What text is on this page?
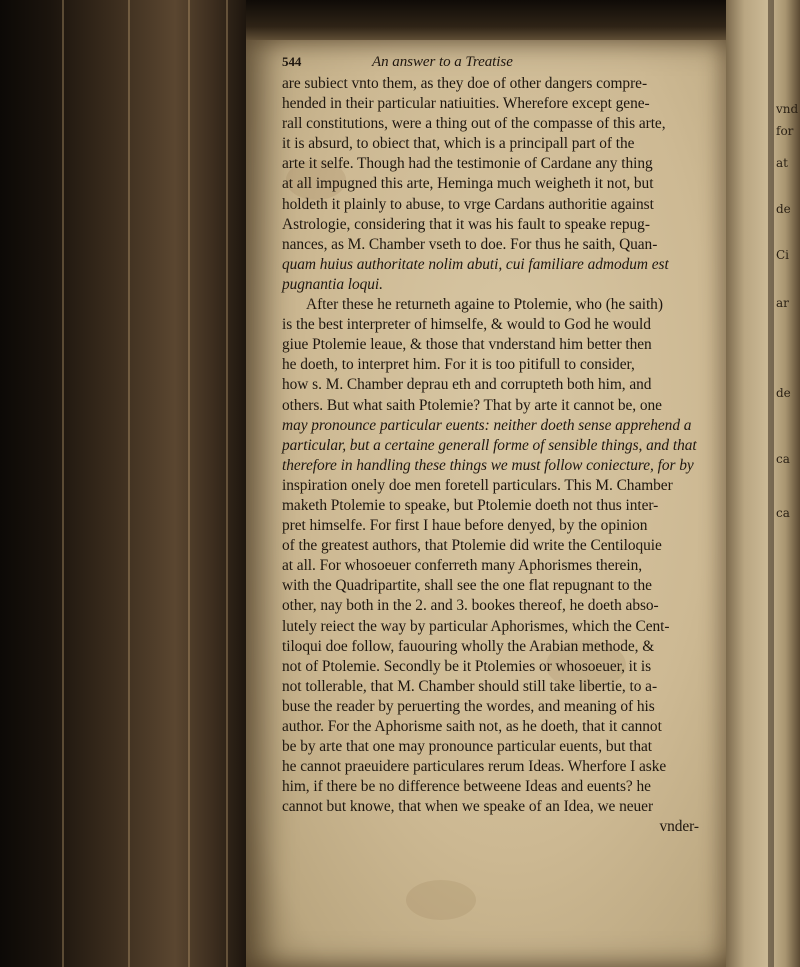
vnd
for
at
de
Ci
ar
de
ca
ca
544	An answer to a Treatise
are subiect vnto them, as they doe of other dangers compre-
hended in their particular natiuities. Wherefore except gene-
rall constitutions, were a thing out of the compasse of this arte,
it is absurd, to obiect that, which is a principall part of the
arte it selfe. Though had the testimonie of Cardane any thing
at all impugned this arte, Heminga much weigheth it not, but
holdeth it plainly to abuse, to vrge Cardans authoritie against
Astrologie, considering that it was his fault to speake repug-
nances, as M. Chamber vseth to doe. For thus he saith, Quan-
quam huius authoritate nolim abuti, cui familiare admodum est
pugnantia loqui.
After these he returneth againe to Ptolemie, who (he saith)
is the best interpreter of himselfe, & would to God he would
giue Ptolemie leaue, & those that vnderstand him better then
he doeth, to interpret him. For it is too pitifull to consider,
how s. M. Chamber deprau eth and corrupteth both him, and
others. But what saith Ptolemie? That by arte it cannot be, one
may pronounce particular euents: neither doeth sense apprehend a
particular, but a certaine generall forme of sensible things, and that
therefore in handling these things we must follow coniecture, for by
inspiration onely doe men foretell particulars. This M. Chamber
maketh Ptolemie to speake, but Ptolemie doeth not thus inter-
pret himselfe. For first I haue before denyed, by the opinion
of the greatest authors, that Ptolemie did write the Centiloquie
at all. For whosoeuer conferreth many Aphorismes therein,
with the Quadripartite, shall see the one flat repugnant to the
other, nay both in the 2. and 3. bookes thereof, he doeth abso-
lutely reiect the way by particular Aphorismes, which the Cent-
tiloqui doe follow, fauouring wholly the Arabian methode, &
not of Ptolemie. Secondly be it Ptolemies or whosoeuer, it is
not tollerable, that M. Chamber should still take libertie, to a-
buse the reader by peruerting the wordes, and meaning of his
author. For the Aphorisme saith not, as he doeth, that it cannot
be by arte that one may pronounce particular euents, but that
he cannot praeuidere particulares rerum Ideas. Wherfore I aske
him, if there be no difference betweene Ideas and euents? he
cannot but knowe, that when we speake of an Idea, we neuer
vnder-
